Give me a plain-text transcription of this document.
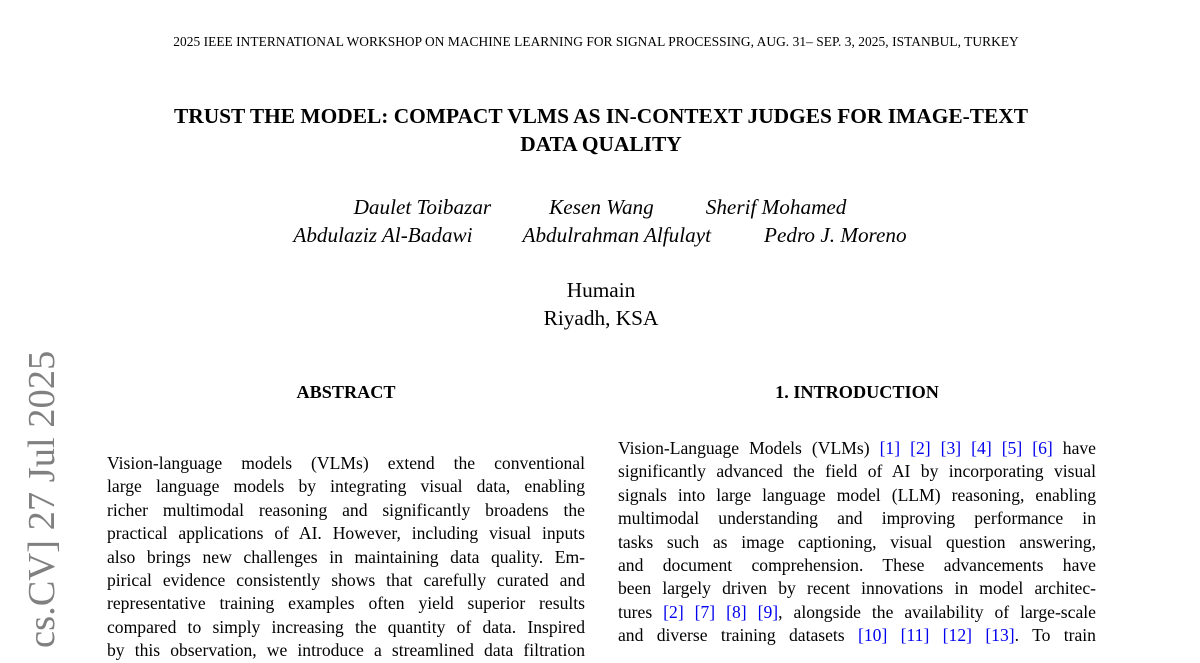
2025 IEEE INTERNATIONAL WORKSHOP ON MACHINE LEARNING FOR SIGNAL PROCESSING, AUG. 31– SEP. 3, 2025, ISTANBUL, TURKEY
TRUST THE MODEL: COMPACT VLMS AS IN-CONTEXT JUDGES FOR IMAGE-TEXT
DATA QUALITY
Daulet Toibazar	Kesen Wang Sherif Mohamed
Abdulaziz Al-Badawi Abdulrahman Alfulayt	Pedro J. Moreno
Humain
Riyadh, KSA
cs.CV] 27 Jul 2025	ABSTRACT	1. INTRODUCTION
Vision-language models (VLMs) extend the conventional
large language models by integrating visual data, enabling
richer multimodal reasoning and significantly broadens the
practical applications of AI. However, including visual inputs
also brings new challenges in maintaining data quality. Em-
pirical evidence consistently shows that carefully curated and
representative training examples often yield superior results
compared to simply increasing the quantity of data. Inspired
by this observation, we introduce a streamlined data filtration
Vision-Language Models (VLMs) [1] [2] [3] [4] [5] [6] have
significantly advanced the field of AI by incorporating visual
signals into large language model (LLM) reasoning, enabling
multimodal understanding and improving performance in
tasks such as image captioning, visual question answering,
and document comprehension. These advancements have
been largely driven by recent innovations in model architec-
tures [2] [7] [8] [9], alongside the availability of large-scale
and diverse training datasets [10] [11] [12] [13]. To train
